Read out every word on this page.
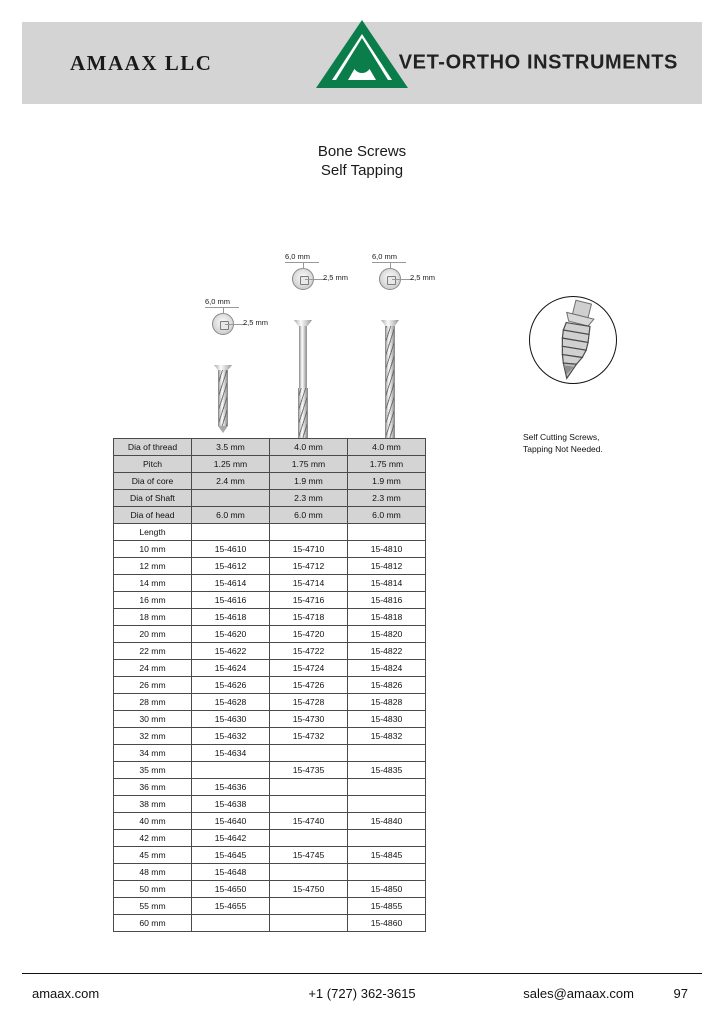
AMAAX LLC	VET-ORTHO INSTRUMENTS
Bone Screws
Self Tapping
6,0 mm
2,5 mm
6,0 mm
2,5 mm
6,0 mm
2,5 mm
Self Cutting Screws,
Tapping Not Needed.
Dia of thread	3.5 mm	4.0 mm	4.0 mm
Pitch	1.25 mm	1.75 mm	1.75 mm
Dia of core	2.4 mm	1.9 mm	1.9 mm
Dia of Shaft		2.3 mm	2.3 mm
Dia of head	6.0 mm	6.0 mm	6.0 mm
Length			
10 mm	15-4610	15-4710	15-4810
12 mm	15-4612	15-4712	15-4812
14 mm	15-4614	15-4714	15-4814
16 mm	15-4616	15-4716	15-4816
18 mm	15-4618	15-4718	15-4818
20 mm	15-4620	15-4720	15-4820
22 mm	15-4622	15-4722	15-4822
24 mm	15-4624	15-4724	15-4824
26 mm	15-4626	15-4726	15-4826
28 mm	15-4628	15-4728	15-4828
30 mm	15-4630	15-4730	15-4830
32 mm	15-4632	15-4732	15-4832
34 mm	15-4634		
35 mm		15-4735	15-4835
36 mm	15-4636		
38 mm	15-4638		
40 mm	15-4640	15-4740	15-4840
42 mm	15-4642		
45 mm	15-4645	15-4745	15-4845
48 mm	15-4648		
50 mm	15-4650	15-4750	15-4850
55 mm	15-4655		15-4855
60 mm			15-4860
amaax.com	+1 (727) 362-3615	sales@amaax.com	97
